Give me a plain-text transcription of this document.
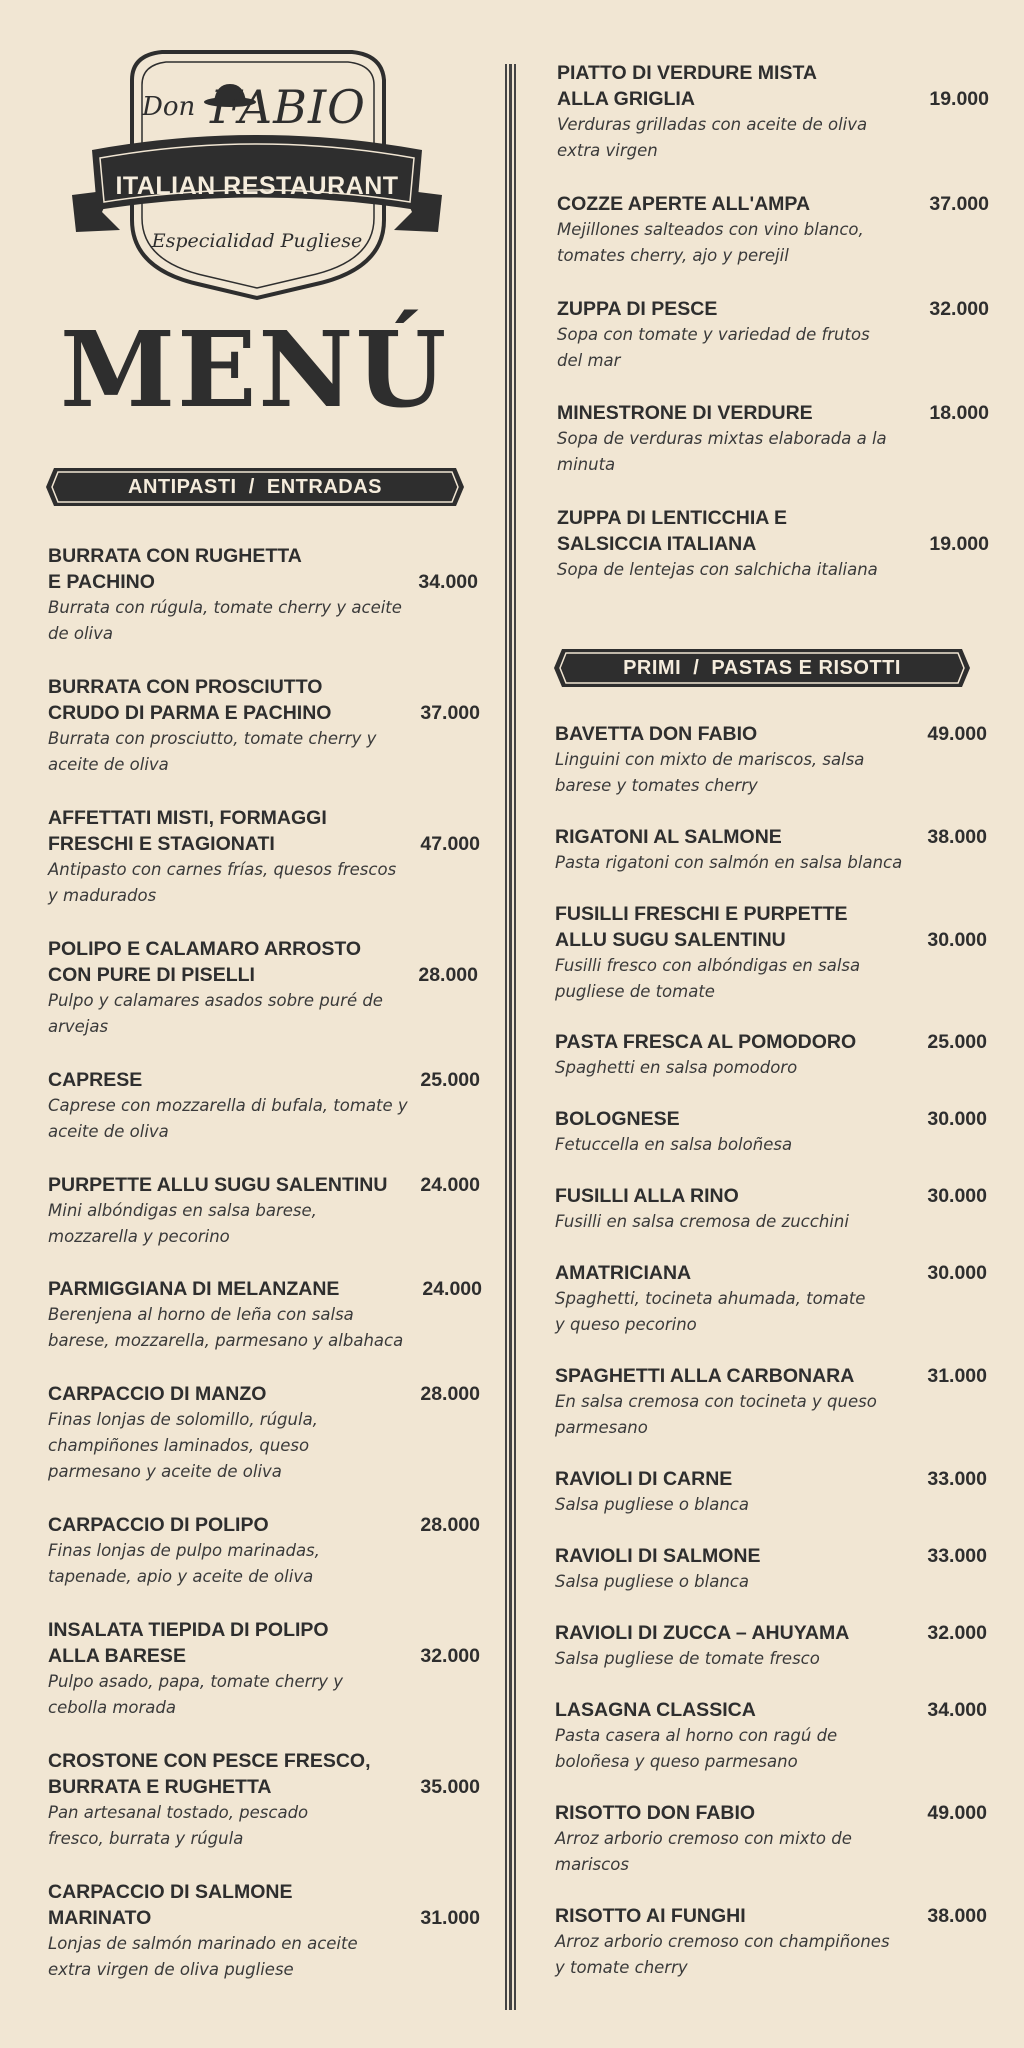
Don FABIO
ITALIAN RESTAURANT
Especialidad Pugliese
MENÚ
ANTIPASTI  /  ENTRADAS
PRIMI  /  PASTAS E RISOTTI
BURRATA CON RUGHETTA
E PACHINO	34.000
Burrata con rúgula, tomate cherry y aceite de oliva
BURRATA CON PROSCIUTTO
CRUDO DI PARMA E PACHINO	37.000
Burrata con prosciutto, tomate cherry y aceite de oliva
AFFETTATI MISTI, FORMAGGI
FRESCHI E STAGIONATI	47.000
Antipasto con carnes frías, quesos frescos y madurados
POLIPO E CALAMARO ARROSTO
CON PURE DI PISELLI	28.000
Pulpo y calamares asados sobre puré de arvejas
CAPRESE	25.000
Caprese con mozzarella di bufala, tomate y aceite de oliva
PURPETTE ALLU SUGU SALENTINU	24.000
Mini albóndigas en salsa barese, mozzarella y pecorino
PARMIGGIANA DI MELANZANE	24.000
Berenjena al horno de leña con salsa barese, mozzarella, parmesano y albahaca
CARPACCIO DI MANZO	28.000
Finas lonjas de solomillo, rúgula, champiñones laminados, queso parmesano y aceite de oliva
CARPACCIO DI POLIPO	28.000
Finas lonjas de pulpo marinadas, tapenade, apio y aceite de oliva
INSALATA TIEPIDA DI POLIPO
ALLA BARESE	32.000
Pulpo asado, papa, tomate cherry y cebolla morada
CROSTONE CON PESCE FRESCO,
BURRATA E RUGHETTA	35.000
Pan artesanal tostado, pescado fresco, burrata y rúgula
CARPACCIO DI SALMONE
MARINATO	31.000
Lonjas de salmón marinado en aceite extra virgen de oliva pugliese
PIATTO DI VERDURE MISTA
ALLA GRIGLIA	19.000
Verduras grilladas con aceite de oliva extra virgen
COZZE APERTE ALL'AMPA	37.000
Mejillones salteados con vino blanco, tomates cherry, ajo y perejil
ZUPPA DI PESCE	32.000
Sopa con tomate y variedad de frutos del mar
MINESTRONE DI VERDURE	18.000
Sopa de verduras mixtas elaborada a la minuta
ZUPPA DI LENTICCHIA E
SALSICCIA ITALIANA	19.000
Sopa de lentejas con salchicha italiana
BAVETTA DON FABIO	49.000
Linguini con mixto de mariscos, salsa barese y tomates cherry
RIGATONI AL SALMONE	38.000
Pasta rigatoni con salmón en salsa blanca
FUSILLI FRESCHI E PURPETTE
ALLU SUGU SALENTINU	30.000
Fusilli fresco con albóndigas en salsa pugliese de tomate
PASTA FRESCA AL POMODORO	25.000
Spaghetti en salsa pomodoro
BOLOGNESE	30.000
Fetuccella en salsa boloñesa
FUSILLI ALLA RINO	30.000
Fusilli en salsa cremosa de zucchini
AMATRICIANA	30.000
Spaghetti, tocineta ahumada, tomate y queso pecorino
SPAGHETTI ALLA CARBONARA	31.000
En salsa cremosa con tocineta y queso parmesano
RAVIOLI DI CARNE	33.000
Salsa pugliese o blanca
RAVIOLI DI SALMONE	33.000
Salsa pugliese o blanca
RAVIOLI DI ZUCCA – AHUYAMA	32.000
Salsa pugliese de tomate fresco
LASAGNA CLASSICA	34.000
Pasta casera al horno con ragú de boloñesa y queso parmesano
RISOTTO DON FABIO	49.000
Arroz arborio cremoso con mixto de mariscos
RISOTTO AI FUNGHI	38.000
Arroz arborio cremoso con champiñones y tomate cherry
